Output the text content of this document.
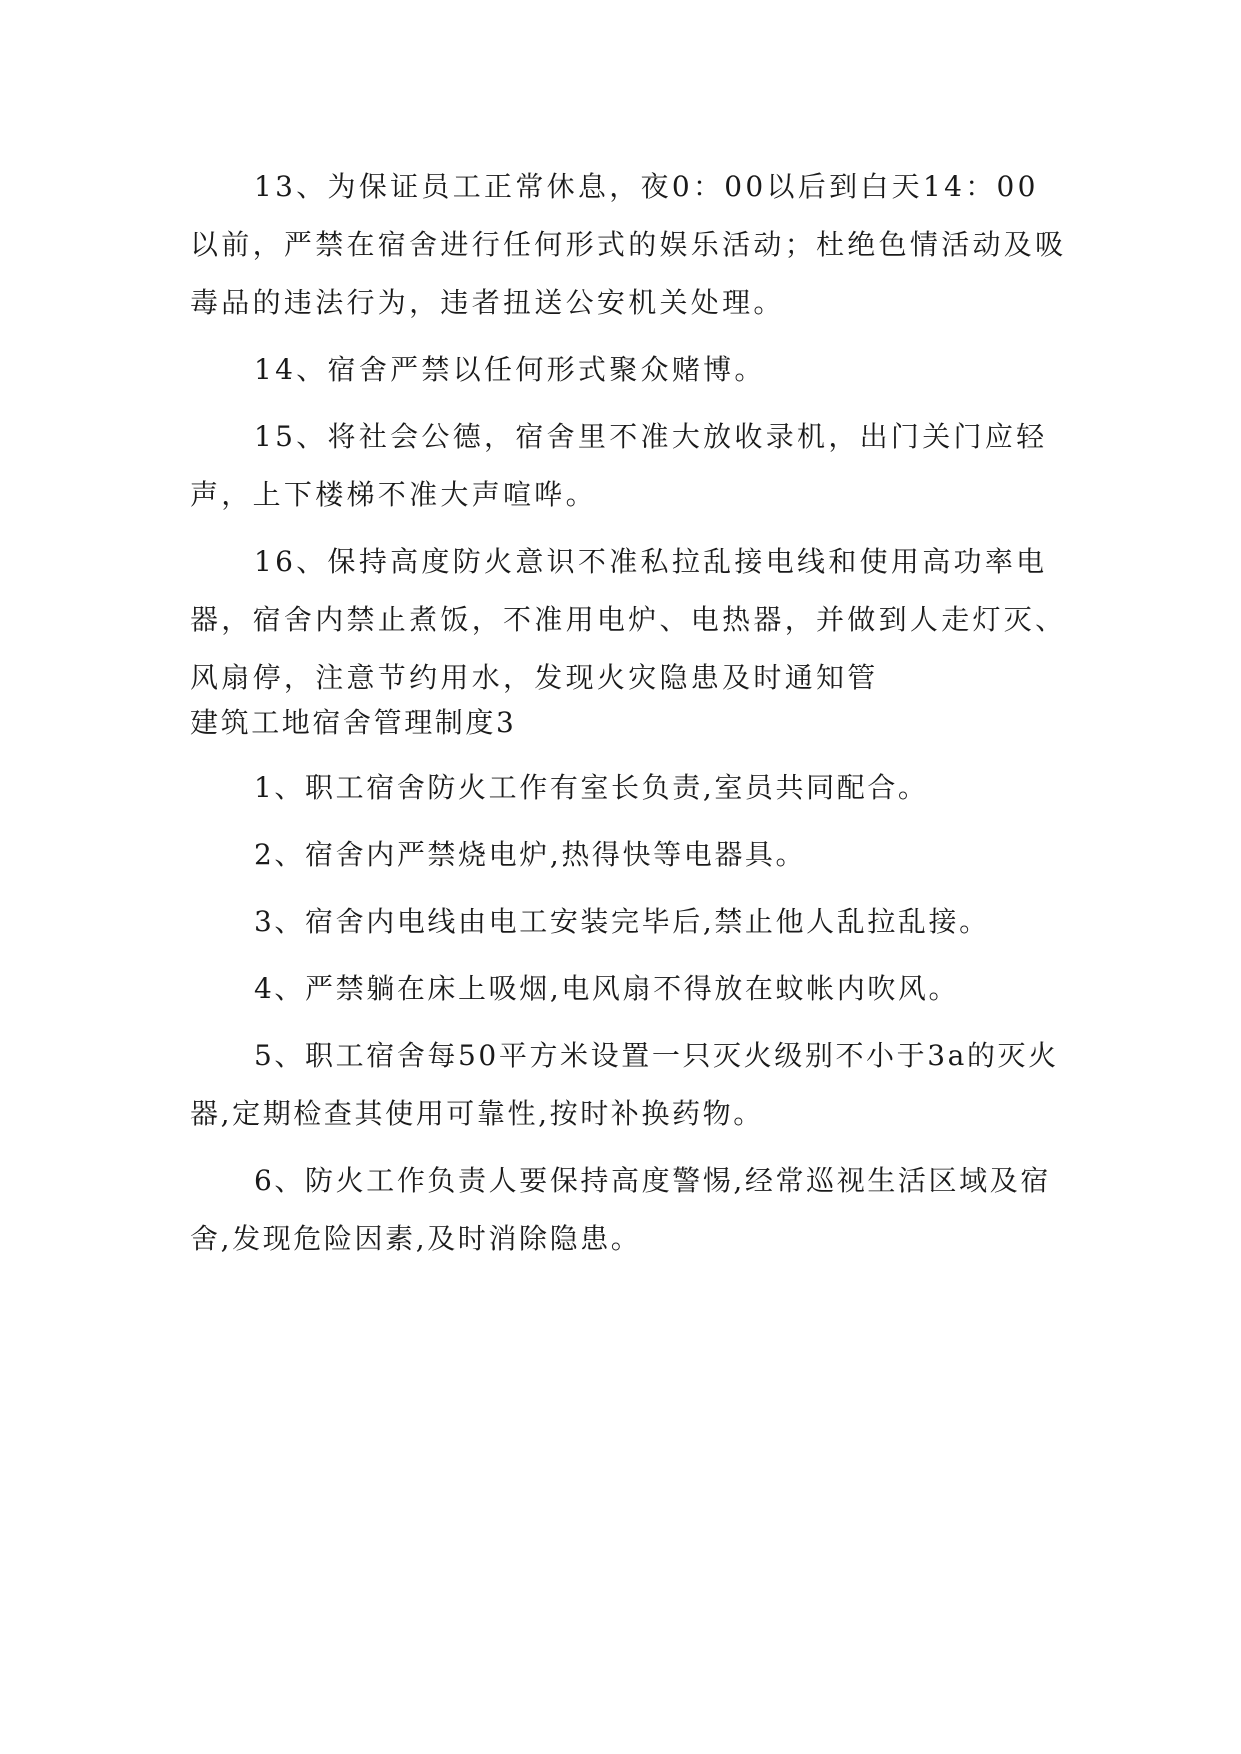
13、为保证员工正常休息，夜0：00以后到白天14：00以前，严禁在宿舍进行任何形式的娱乐活动；杜绝色情活动及吸毒品的违法行为，违者扭送公安机关处理。

14、宿舍严禁以任何形式聚众赌博。

15、将社会公德，宿舍里不准大放收录机，出门关门应轻声，上下楼梯不准大声喧哗。

16、保持高度防火意识不准私拉乱接电线和使用高功率电器，宿舍内禁止煮饭，不准用电炉、电热器，并做到人走灯灭、风扇停，注意节约用水，发现火灾隐患及时通知管

建筑工地宿舍管理制度3

1、职工宿舍防火工作有室长负责,室员共同配合。

2、宿舍内严禁烧电炉,热得快等电器具。

3、宿舍内电线由电工安装完毕后,禁止他人乱拉乱接。

4、严禁躺在床上吸烟,电风扇不得放在蚊帐内吹风。

5、职工宿舍每50平方米设置一只灭火级别不小于3a的灭火器,定期检查其使用可靠性,按时补换药物。

6、防火工作负责人要保持高度警惕,经常巡视生活区域及宿舍,发现危险因素,及时消除隐患。
